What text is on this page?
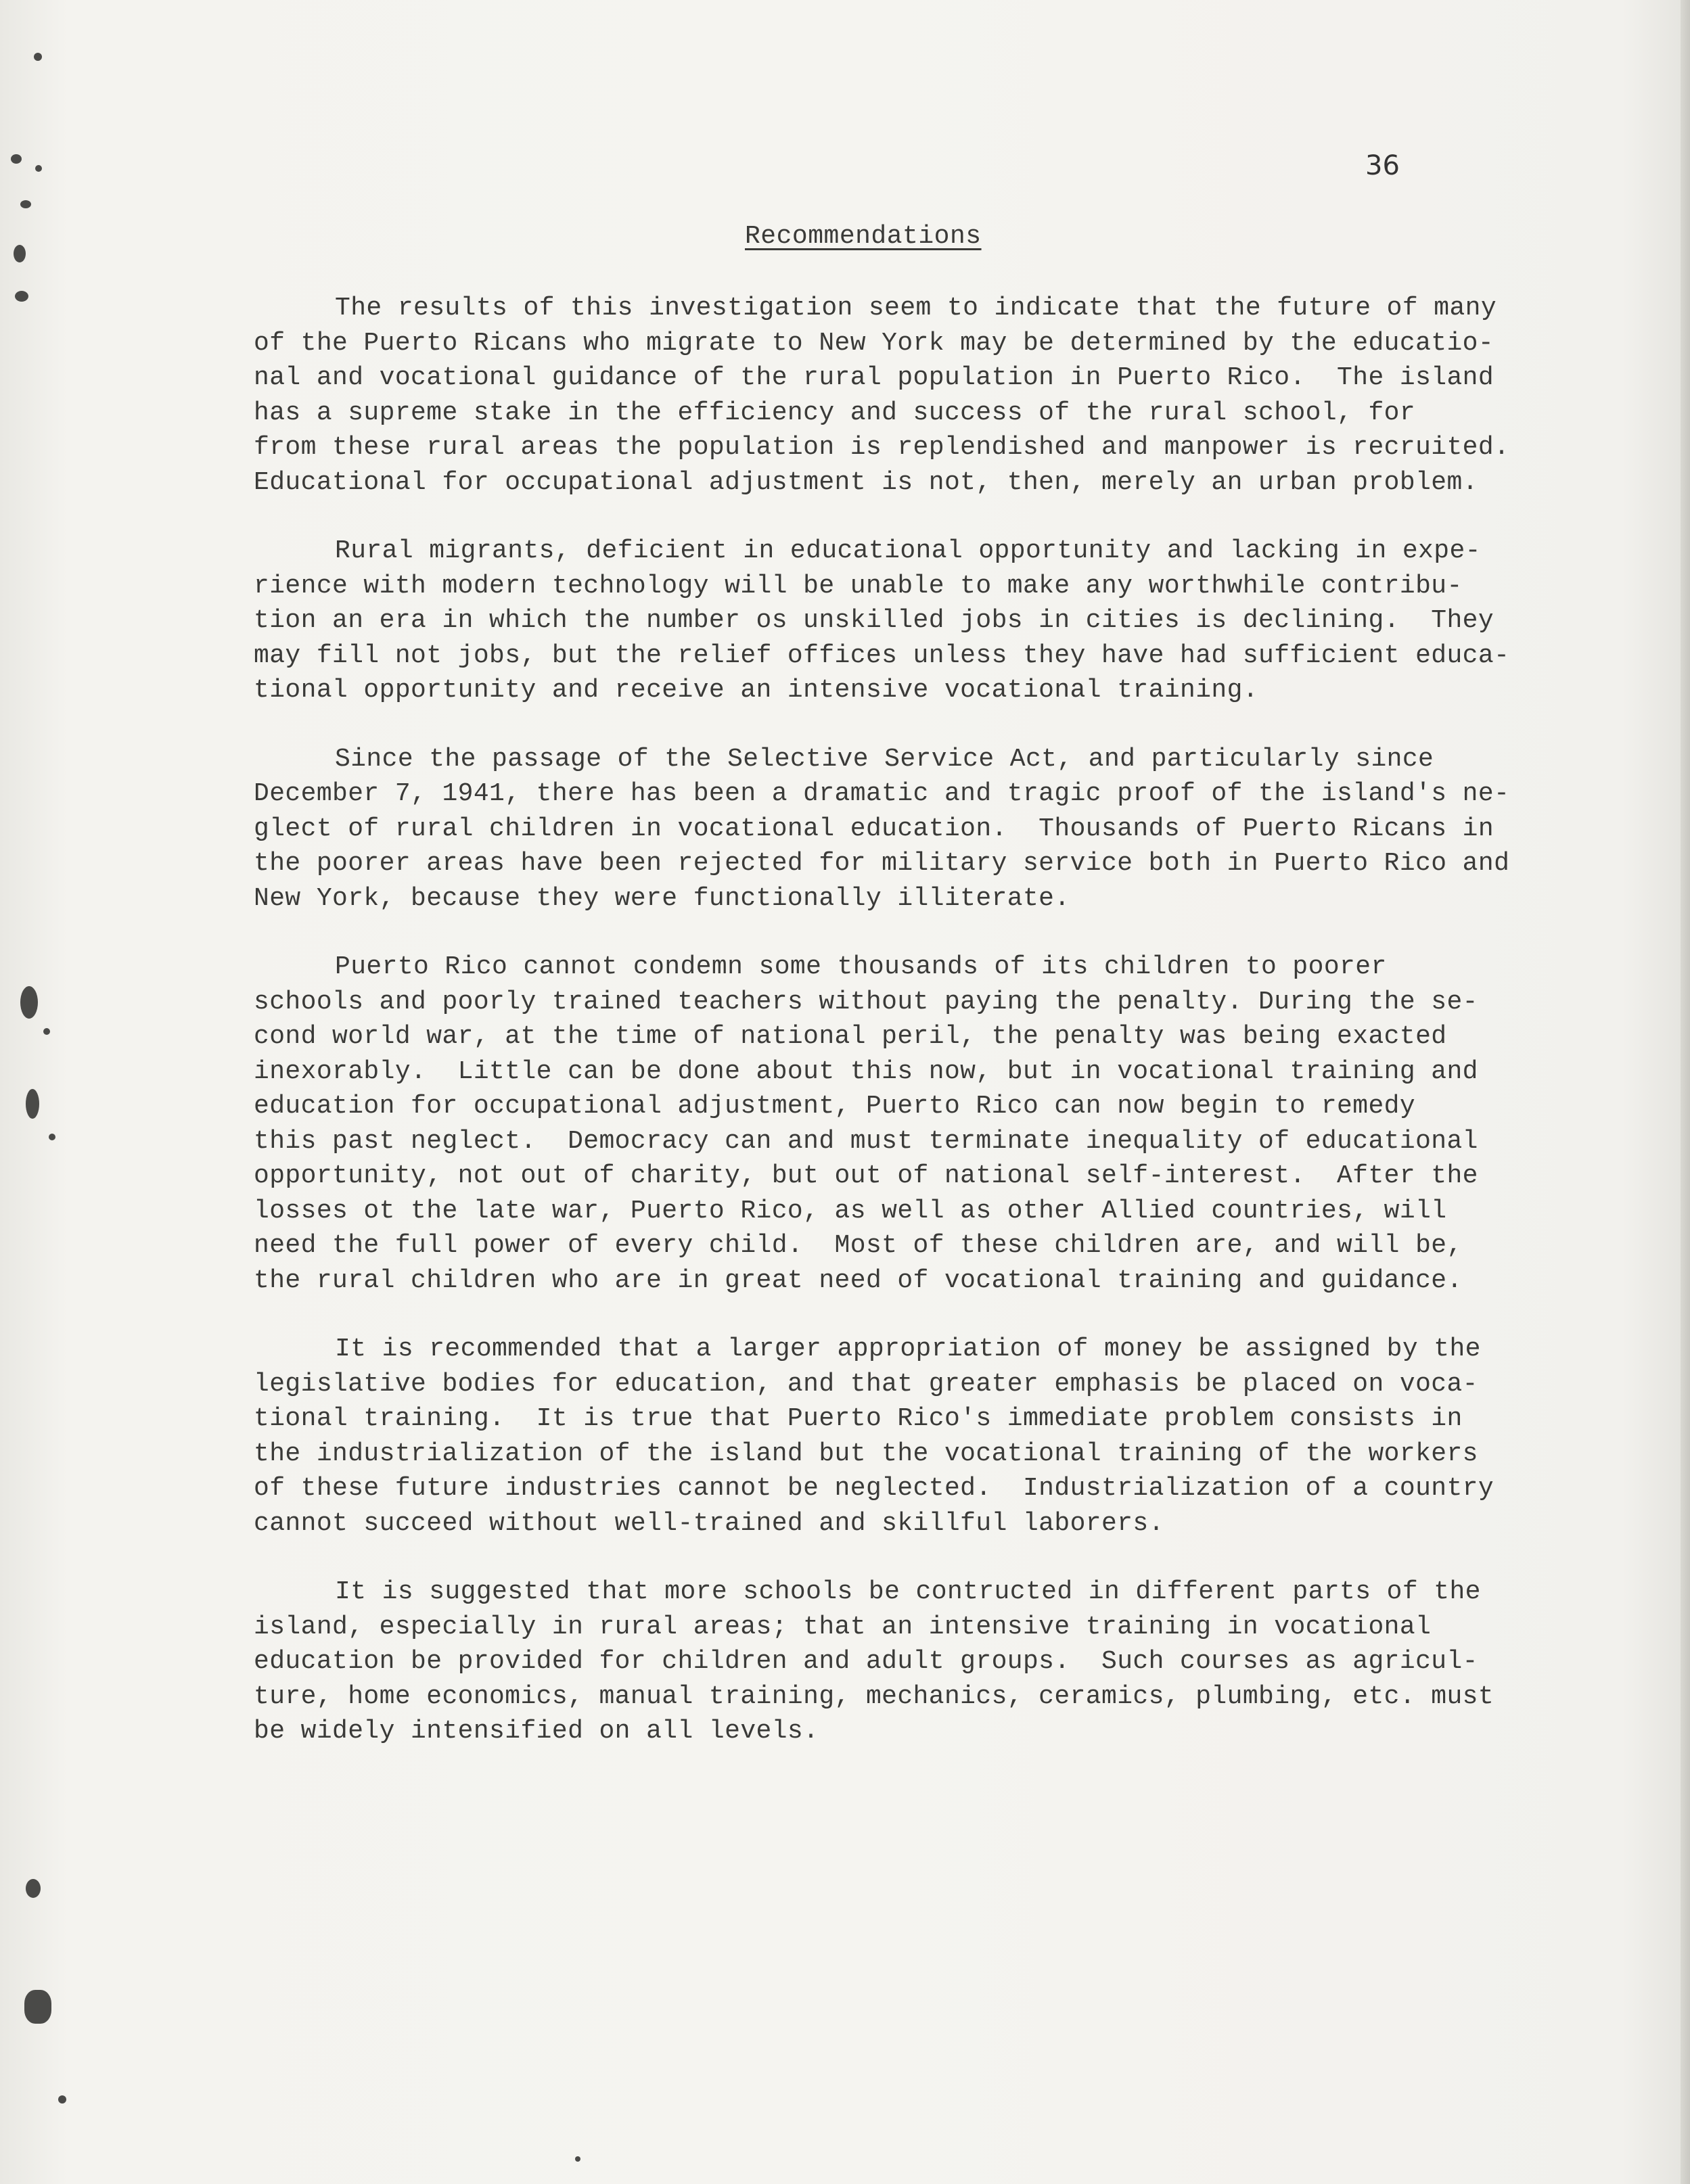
36
Recommendations
The results of this investigation seem to indicate that the future of many
of the Puerto Ricans who migrate to New York may be determined by the educatio-
nal and vocational guidance of the rural population in Puerto Rico.  The island
has a supreme stake in the efficiency and success of the rural school, for
from these rural areas the population is replendished and manpower is recruited.
Educational for occupational adjustment is not, then, merely an urban problem.
Rural migrants, deficient in educational opportunity and lacking in expe-
rience with modern technology will be unable to make any worthwhile contribu-
tion an era in which the number os unskilled jobs in cities is declining.  They
may fill not jobs, but the relief offices unless they have had sufficient educa-
tional opportunity and receive an intensive vocational training.
Since the passage of the Selective Service Act, and particularly since
December 7, 1941, there has been a dramatic and tragic proof of the island's ne-
glect of rural children in vocational education.  Thousands of Puerto Ricans in
the poorer areas have been rejected for military service both in Puerto Rico and
New York, because they were functionally illiterate.
Puerto Rico cannot condemn some thousands of its children to poorer
schools and poorly trained teachers without paying the penalty. During the se-
cond world war, at the time of national peril, the penalty was being exacted
inexorably.  Little can be done about this now, but in vocational training and
education for occupational adjustment, Puerto Rico can now begin to remedy
this past neglect.  Democracy can and must terminate inequality of educational
opportunity, not out of charity, but out of national self-interest.  After the
losses ot the late war, Puerto Rico, as well as other Allied countries, will
need the full power of every child.  Most of these children are, and will be,
the rural children who are in great need of vocational training and guidance.
It is recommended that a larger appropriation of money be assigned by the
legislative bodies for education, and that greater emphasis be placed on voca-
tional training.  It is true that Puerto Rico's immediate problem consists in
the industrialization of the island but the vocational training of the workers
of these future industries cannot be neglected.  Industrialization of a country
cannot succeed without well-trained and skillful laborers.
It is suggested that more schools be contructed in different parts of the
island, especially in rural areas; that an intensive training in vocational
education be provided for children and adult groups.  Such courses as agricul-
ture, home economics, manual training, mechanics, ceramics, plumbing, etc. must
be widely intensified on all levels.
